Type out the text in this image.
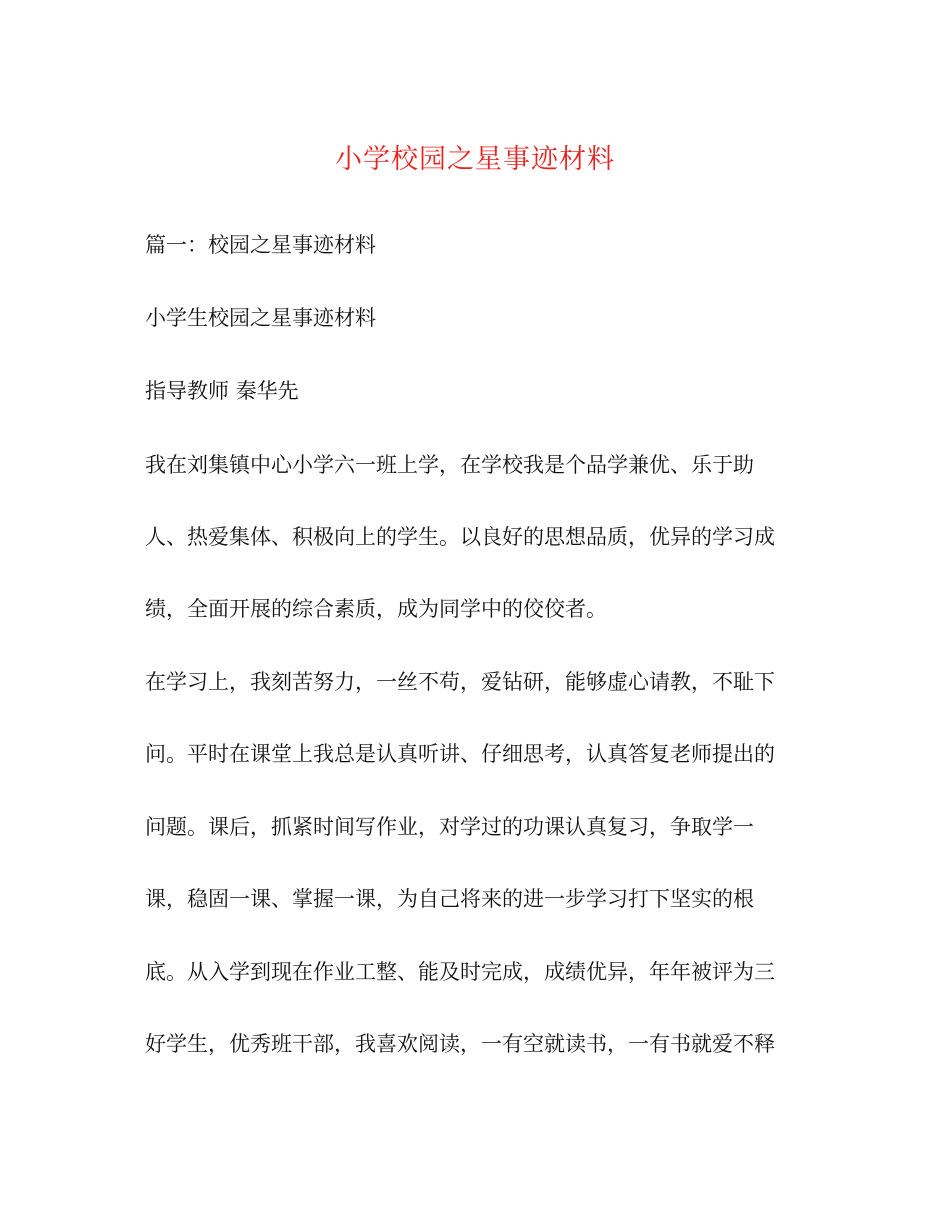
小学校园之星事迹材料

篇一：校园之星事迹材料

小学生校园之星事迹材料

指导教师 秦华先

我在刘集镇中心小学六一班上学，在学校我是个品学兼优、乐于助

人、热爱集体、积极向上的学生。以良好的思想品质，优异的学习成

绩，全面开展的综合素质，成为同学中的佼佼者。

在学习上，我刻苦努力，一丝不苟，爱钻研，能够虚心请教，不耻下

问。平时在课堂上我总是认真听讲、仔细思考，认真答复老师提出的

问题。课后，抓紧时间写作业，对学过的功课认真复习，争取学一

课，稳固一课、掌握一课，为自己将来的进一步学习打下坚实的根

底。从入学到现在作业工整、能及时完成，成绩优异，年年被评为三

好学生，优秀班干部，我喜欢阅读，一有空就读书，一有书就爱不释
